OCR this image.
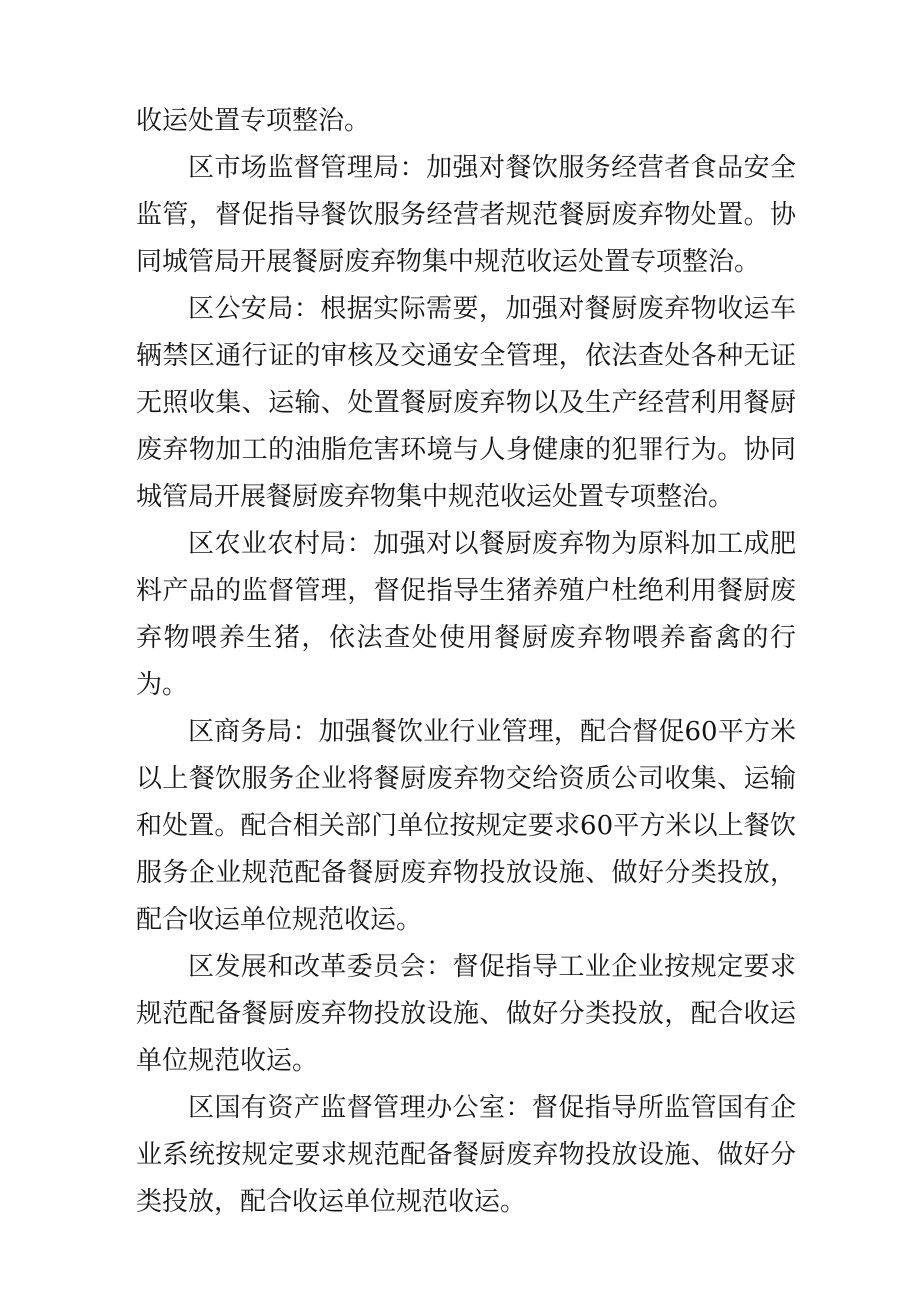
收运处置专项整治。

区市场监督管理局：加强对餐饮服务经营者食品安全监管，督促指导餐饮服务经营者规范餐厨废弃物处置。协同城管局开展餐厨废弃物集中规范收运处置专项整治。

区公安局：根据实际需要，加强对餐厨废弃物收运车辆禁区通行证的审核及交通安全管理，依法查处各种无证无照收集、运输、处置餐厨废弃物以及生产经营利用餐厨废弃物加工的油脂危害环境与人身健康的犯罪行为。协同城管局开展餐厨废弃物集中规范收运处置专项整治。

区农业农村局：加强对以餐厨废弃物为原料加工成肥料产品的监督管理，督促指导生猪养殖户杜绝利用餐厨废弃物喂养生猪，依法查处使用餐厨废弃物喂养畜禽的行为。

区商务局：加强餐饮业行业管理，配合督促60平方米以上餐饮服务企业将餐厨废弃物交给资质公司收集、运输和处置。配合相关部门单位按规定要求60平方米以上餐饮服务企业规范配备餐厨废弃物投放设施、做好分类投放，配合收运单位规范收运。

区发展和改革委员会：督促指导工业企业按规定要求规范配备餐厨废弃物投放设施、做好分类投放，配合收运单位规范收运。

区国有资产监督管理办公室：督促指导所监管国有企业系统按规定要求规范配备餐厨废弃物投放设施、做好分类投放，配合收运单位规范收运。
